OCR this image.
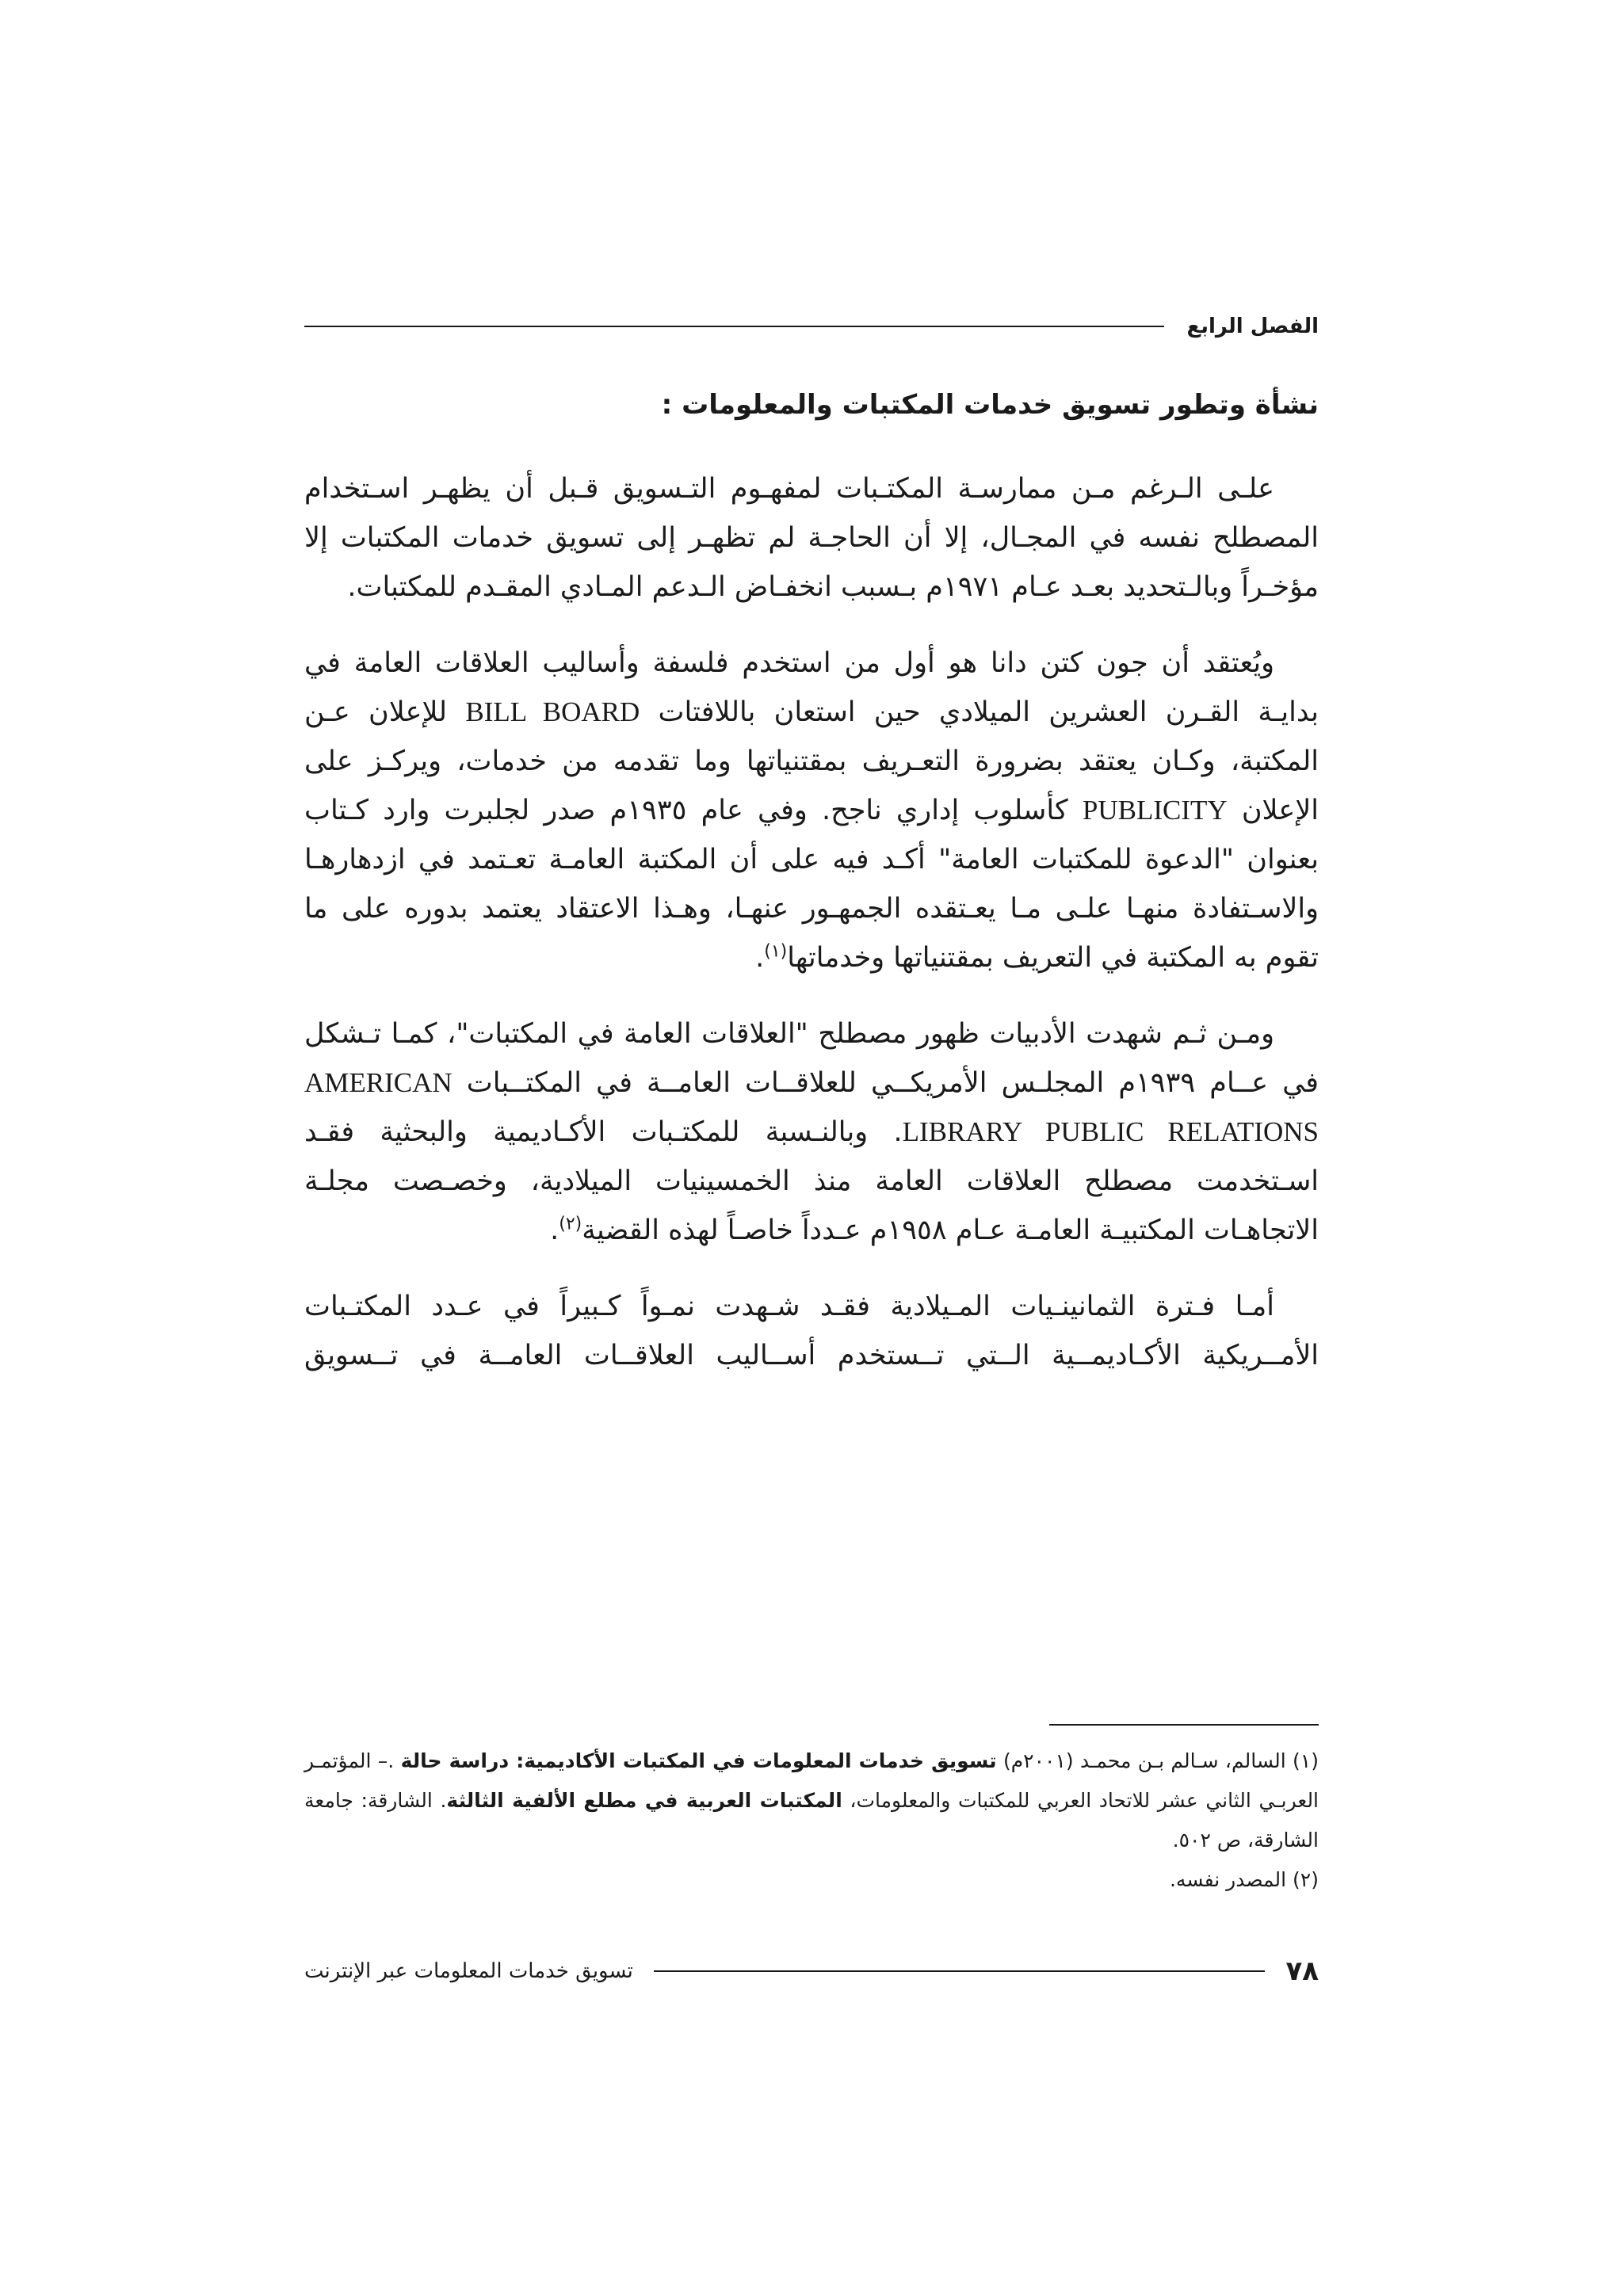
الفصل الرابع
نشأة وتطور تسويق خدمات المكتبات والمعلومات :

علـى الـرغم مـن ممارسـة المكتـبات لمفهـوم التـسويق قـبل أن يظهـر اسـتخدام المصطلح نفسه في المجـال، إلا أن الحاجـة لم تظهـر إلى تسويق خدمات المكتبات إلا مؤخـراً وبالـتحديد بعـد عـام ١٩٧١م بـسبب انخفـاض الـدعم المـادي المقـدم للمكتبات.

ويُعتقد أن جون كتن دانا هو أول من استخدم فلسفة وأساليب العلاقات العامة في بدايـة القـرن العشرين الميلادي حين استعان باللافتات BILL BOARD للإعلان عـن المكتبة، وكـان يعتقد بضرورة التعـريف بمقتنياتها وما تقدمه من خدمات، ويركـز على الإعلان PUBLICITY كأسلوب إداري ناجح. وفي عام ١٩٣٥م صدر لجلبرت وارد كـتاب بعنوان "الدعوة للمكتبات العامة" أكـد فيه على أن المكتبة العامـة تعـتمد في ازدهارهـا والاسـتفادة منهـا علـى مـا يعـتقده الجمهـور عنهـا، وهـذا الاعتقاد يعتمد بدوره على ما تقوم به المكتبة في التعريف بمقتنياتها وخدماتها$^{(١)}$.

ومـن ثـم شهدت الأدبيات ظهور مصطلح "العلاقات العامة في المكتبات"، كمـا تـشكل في عــام ١٩٣٩م المجلـس الأمريكــي للعلاقــات العامــة في المكتــبات AMERICAN LIBRARY PUBLIC RELATIONS. وبالنـسبة للمكتـبات الأكـاديمية والبحثية فقـد اسـتخدمت مصطلح العلاقات العامة منذ الخمسينيات الميلادية، وخصـصت مجلـة الاتجاهـات المكتبيـة العامـة عـام ١٩٥٨م عـدداً خاصـاً لهذه القضية$^{(٢)}$.

أمـا فـترة الثمانينـيات المـيلادية فقـد شـهدت نمـواً كـبيراً في عـدد المكتـبات الأمــريكية الأكـاديمــية الــتي تــستخدم أســاليب العلاقــات العامــة في تــسويق

(١) السالم، سـالم بـن محمـد (٢٠٠١م) تسويق خدمات المعلومات في المكتبات الأكاديمية: دراسة حالة .– المؤتمـر العربـي الثاني عشر للاتحاد العربي للمكتبات والمعلومات، المكتبات العربية في مطلع الألفية الثالثة. الشارقة: جامعة الشارقة، ص ٥٠٢.

(٢) المصدر نفسه.

٧٨
تسويق خدمات المعلومات عبر الإنترنت
